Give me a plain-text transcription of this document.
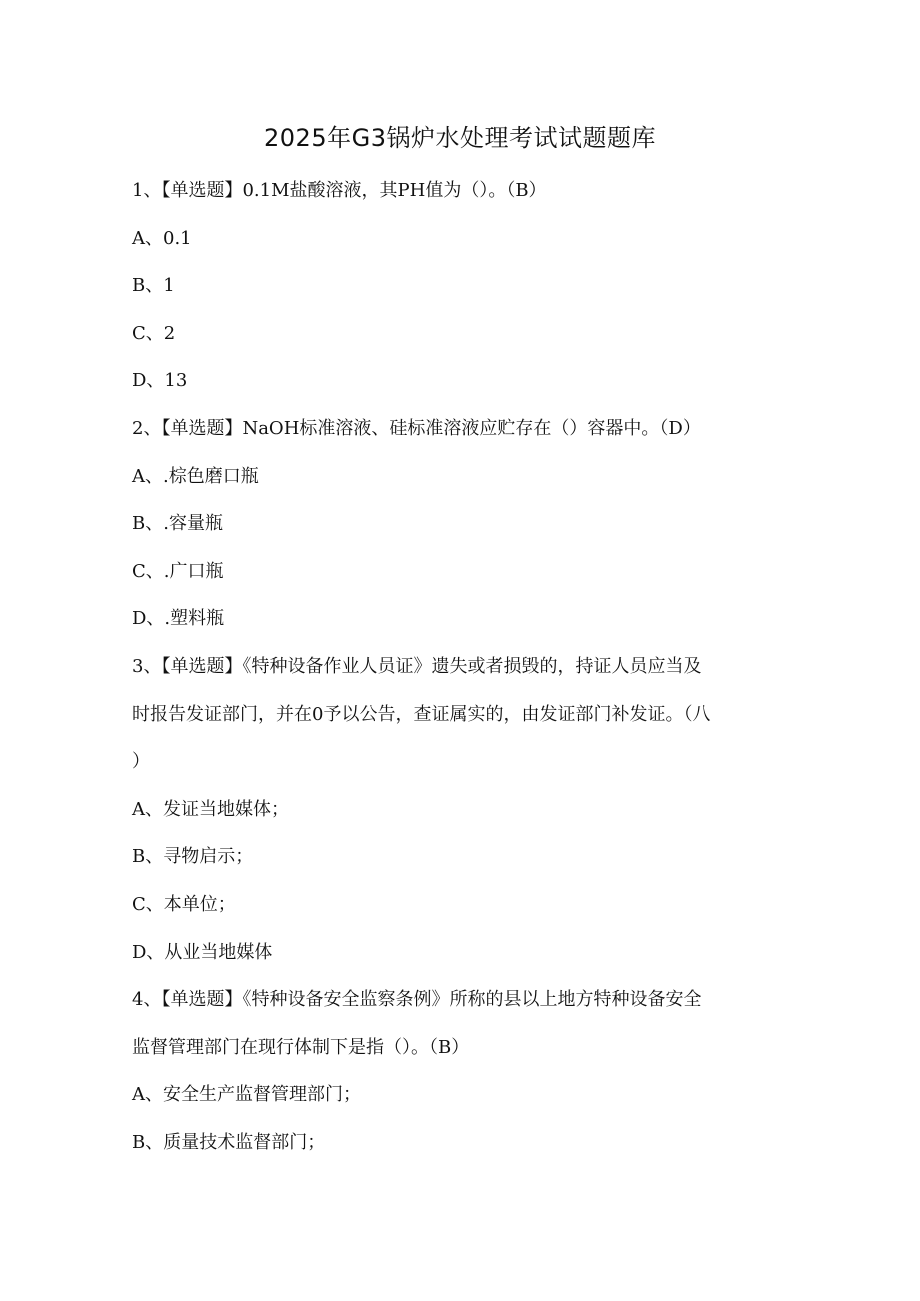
2025年G3锅炉水处理考试试题题库

1、【单选题】0.1M盐酸溶液，其PH值为（）。（B）

A、0.1

B、1

C、2

D、13

2、【单选题】NaOH标准溶液、硅标准溶液应贮存在（）容器中。（D）

A、.棕色磨口瓶

B、.容量瓶

C、.广口瓶

D、.塑料瓶

3、【单选题】《特种设备作业人员证》遗失或者损毁的，持证人员应当及

时报告发证部门，并在0予以公告，查证属实的，由发证部门补发证。（八

）

A、发证当地媒体；

B、寻物启示；

C、本单位；

D、从业当地媒体

4、【单选题】《特种设备安全监察条例》所称的县以上地方特种设备安全

监督管理部门在现行体制下是指（）。（B）

A、安全生产监督管理部门；

B、质量技术监督部门；
